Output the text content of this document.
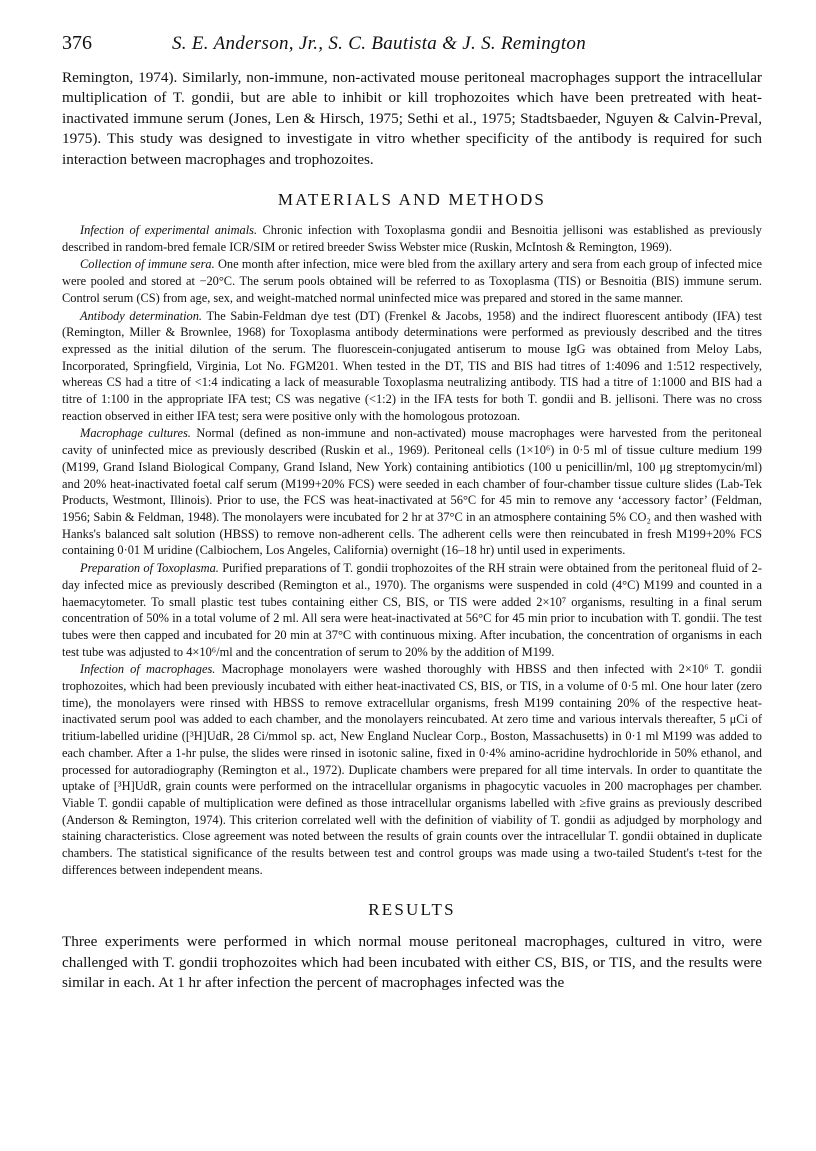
376	S. E. Anderson, Jr., S. C. Bautista & J. S. Remington

Remington, 1974). Similarly, non-immune, non-activated mouse peritoneal macrophages support the intracellular multiplication of T. gondii, but are able to inhibit or kill trophozoites which have been pretreated with heat-inactivated immune serum (Jones, Len & Hirsch, 1975; Sethi et al., 1975; Stadtsbaeder, Nguyen & Calvin-Preval, 1975). This study was designed to investigate in vitro whether specificity of the antibody is required for such interaction between macrophages and trophozoites.

MATERIALS AND METHODS

Infection of experimental animals. Chronic infection with Toxoplasma gondii and Besnoitia jellisoni was established as previously described in random-bred female ICR/SIM or retired breeder Swiss Webster mice (Ruskin, McIntosh & Remington, 1969).

Collection of immune sera. One month after infection, mice were bled from the axillary artery and sera from each group of infected mice were pooled and stored at −20°C. The serum pools obtained will be referred to as Toxoplasma (TIS) or Besnoitia (BIS) immune serum. Control serum (CS) from age, sex, and weight-matched normal uninfected mice was prepared and stored in the same manner.

Antibody determination. The Sabin-Feldman dye test (DT) (Frenkel & Jacobs, 1958) and the indirect fluorescent antibody (IFA) test (Remington, Miller & Brownlee, 1968) for Toxoplasma antibody determinations were performed as previously described and the titres expressed as the initial dilution of the serum. The fluorescein-conjugated antiserum to mouse IgG was obtained from Meloy Labs, Incorporated, Springfield, Virginia, Lot No. FGM201. When tested in the DT, TIS and BIS had titres of 1:4096 and 1:512 respectively, whereas CS had a titre of <1:4 indicating a lack of measurable Toxoplasma neutralizing antibody. TIS had a titre of 1:1000 and BIS had a titre of 1:100 in the appropriate IFA test; CS was negative (<1:2) in the IFA tests for both T. gondii and B. jellisoni. There was no cross reaction observed in either IFA test; sera were positive only with the homologous protozoan.

Macrophage cultures. Normal (defined as non-immune and non-activated) mouse macrophages were harvested from the peritoneal cavity of uninfected mice as previously described (Ruskin et al., 1969). Peritoneal cells (1×10⁶) in 0·5 ml of tissue culture medium 199 (M199, Grand Island Biological Company, Grand Island, New York) containing antibiotics (100 u penicillin/ml, 100 μg streptomycin/ml) and 20% heat-inactivated foetal calf serum (M199+20% FCS) were seeded in each chamber of four-chamber tissue culture slides (Lab-Tek Products, Westmont, Illinois). Prior to use, the FCS was heat-inactivated at 56°C for 45 min to remove any ‘accessory factor’ (Feldman, 1956; Sabin & Feldman, 1948). The monolayers were incubated for 2 hr at 37°C in an atmosphere containing 5% CO₂ and then washed with Hanks's balanced salt solution (HBSS) to remove non-adherent cells. The adherent cells were then reincubated in fresh M199+20% FCS containing 0·01 M uridine (Calbiochem, Los Angeles, California) overnight (16–18 hr) until used in experiments.

Preparation of Toxoplasma. Purified preparations of T. gondii trophozoites of the RH strain were obtained from the peritoneal fluid of 2-day infected mice as previously described (Remington et al., 1970). The organisms were suspended in cold (4°C) M199 and counted in a haemacytometer. To small plastic test tubes containing either CS, BIS, or TIS were added 2×10⁷ organisms, resulting in a final serum concentration of 50% in a total volume of 2 ml. All sera were heat-inactivated at 56°C for 45 min prior to incubation with T. gondii. The test tubes were then capped and incubated for 20 min at 37°C with continuous mixing. After incubation, the concentration of organisms in each test tube was adjusted to 4×10⁶/ml and the concentration of serum to 20% by the addition of M199.

Infection of macrophages. Macrophage monolayers were washed thoroughly with HBSS and then infected with 2×10⁶ T. gondii trophozoites, which had been previously incubated with either heat-inactivated CS, BIS, or TIS, in a volume of 0·5 ml. One hour later (zero time), the monolayers were rinsed with HBSS to remove extracellular organisms, fresh M199 containing 20% of the respective heat-inactivated serum pool was added to each chamber, and the monolayers reincubated. At zero time and various intervals thereafter, 5 μCi of tritium-labelled uridine ([³H]UdR, 28 Ci/mmol sp. act, New England Nuclear Corp., Boston, Massachusetts) in 0·1 ml M199 was added to each chamber. After a 1-hr pulse, the slides were rinsed in isotonic saline, fixed in 0·4% amino-acridine hydrochloride in 50% ethanol, and processed for autoradiography (Remington et al., 1972). Duplicate chambers were prepared for all time intervals. In order to quantitate the uptake of [³H]UdR, grain counts were performed on the intracellular organisms in phagocytic vacuoles in 200 macrophages per chamber. Viable T. gondii capable of multiplication were defined as those intracellular organisms labelled with ≥five grains as previously described (Anderson & Remington, 1974). This criterion correlated well with the definition of viability of T. gondii as adjudged by morphology and staining characteristics. Close agreement was noted between the results of grain counts over the intracellular T. gondii obtained in duplicate chambers. The statistical significance of the results between test and control groups was made using a two-tailed Student's t-test for the differences between independent means.

RESULTS

Three experiments were performed in which normal mouse peritoneal macrophages, cultured in vitro, were challenged with T. gondii trophozoites which had been incubated with either CS, BIS, or TIS, and the results were similar in each. At 1 hr after infection the percent of macrophages infected was the
